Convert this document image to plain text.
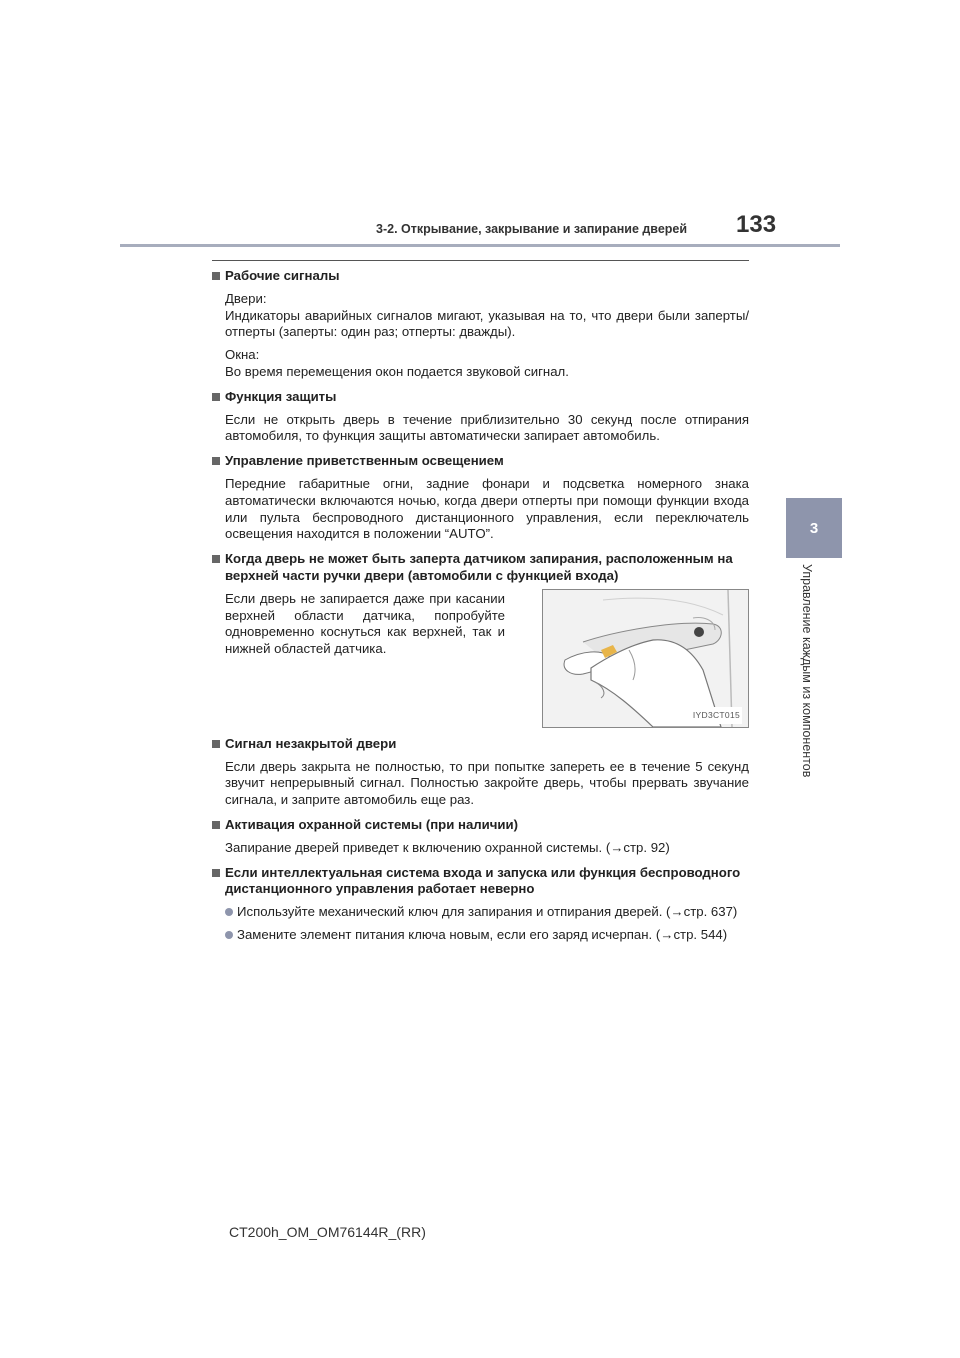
3-2. Открывание, закрывание и запирание дверей	133
3
Управление каждым из компонентов
Рабочие сигналы
Двери:
Индикаторы аварийных сигналов мигают, указывая на то, что двери были заперты/отперты (заперты: один раз; отперты: дважды).
Окна:
Во время перемещения окон подается звуковой сигнал.
Функция защиты
Если не открыть дверь в течение приблизительно 30 секунд после отпирания автомобиля, то функция защиты автоматически запирает автомобиль.
Управление приветственным освещением
Передние габаритные огни, задние фонари и подсветка номерного знака автоматически включаются ночью, когда двери отперты при помощи функции входа или пульта беспроводного дистанционного управления, если переключатель освещения находится в положении “AUTO”.
Когда дверь не может быть заперта датчиком запирания, расположенным на верхней части ручки двери (автомобили с функцией входа)
Если дверь не запирается даже при касании верхней области датчика, попробуйте одновременно коснуться как верхней, так и нижней областей датчика.
IYD3CT015
Сигнал незакрытой двери
Если дверь закрыта не полностью, то при попытке запереть ее в течение 5 секунд звучит непрерывный сигнал. Полностью закройте дверь, чтобы прервать звучание сигнала, и заприте автомобиль еще раз.
Активация охранной системы (при наличии)
Запирание дверей приведет к включению охранной системы. (→стр. 92)
Если интеллектуальная система входа и запуска или функция беспроводного дистанционного управления работает неверно
Используйте механический ключ для запирания и отпирания дверей. (→стр. 637)
Замените элемент питания ключа новым, если его заряд исчерпан. (→стр. 544)
CT200h_OM_OM76144R_(RR)
